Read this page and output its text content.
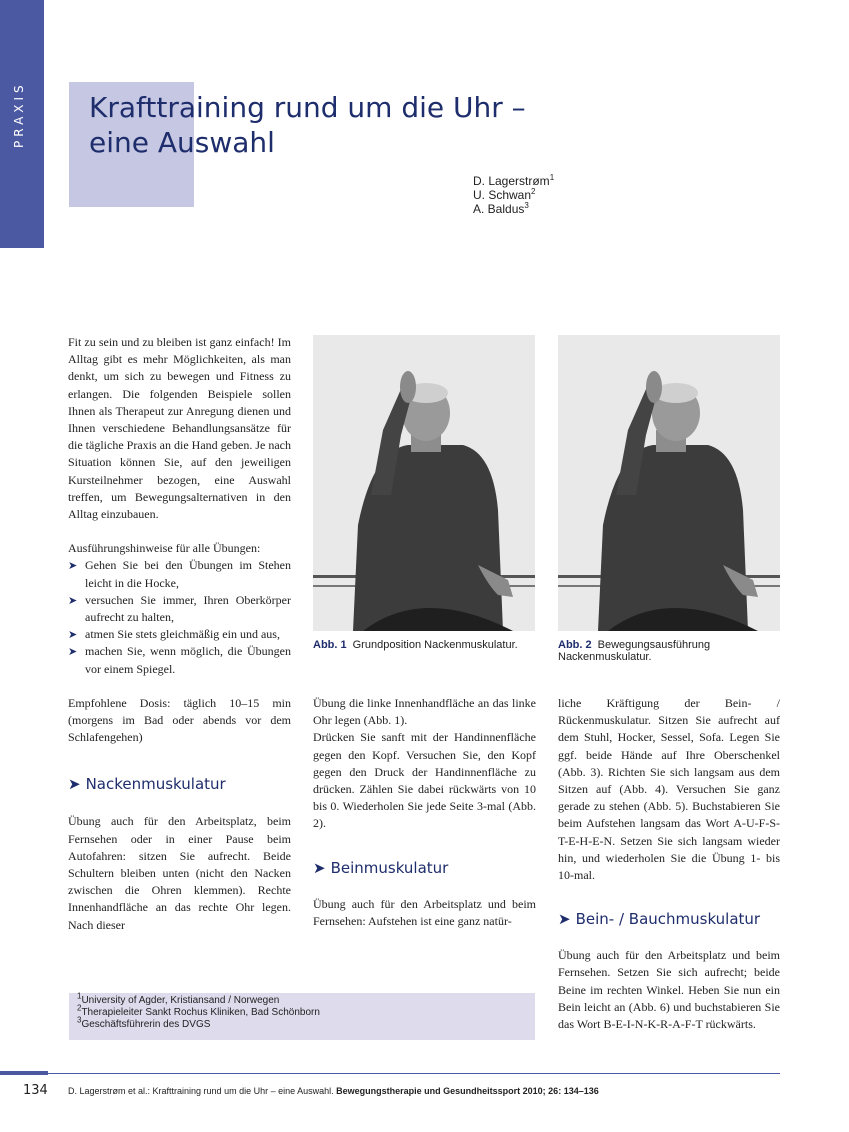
PRAXIS Krafttraining rund um die Uhr –
eine Auswahl
D. Lagerstrøm$^1$
U. Schwan$^2$
A. Baldus$^3$

Fit zu sein und zu bleiben ist ganz einfach! Im Alltag gibt es mehr Möglichkeiten, als man denkt, um sich zu bewegen und Fitness zu erlangen. Die folgenden Beispiele sollen Ihnen als Therapeut zur Anregung dienen und Ihnen verschiedene Behandlungsansätze für die tägliche Praxis an die Hand geben. Je nach Situation können Sie, auf den jeweiligen Kursteilnehmer bezogen, eine Auswahl treffen, um Bewegungsalternativen in den Alltag einzubauen.

Ausführungshinweise für alle Übungen:

➤ Gehen Sie bei den Übungen im Stehen leicht in die Hocke,
➤ versuchen Sie immer, Ihren Oberkörper aufrecht zu halten,
➤ atmen Sie stets gleichmäßig ein und aus,
➤ machen Sie, wenn möglich, die Übungen vor einem Spiegel.

Empfohlene Dosis: täglich 10–15 min (morgens im Bad oder abends vor dem Schlafengehen)

➤ Nackenmuskulatur

Übung auch für den Arbeitsplatz, beim Fernsehen oder in einer Pause beim Autofahren: sitzen Sie aufrecht. Beide Schultern bleiben unten (nicht den Nacken zwischen die Ohren klemmen). Rechte Innenhandfläche an das rechte Ohr legen. Nach dieser

Abb. 1 Grundposition Nackenmuskulatur.	Abb. 2 Bewegungsausführung Nackenmuskulatur.

Übung die linke Innenhandfläche an das linke Ohr legen (Abb. 1).

Drücken Sie sanft mit der Handinnenfläche gegen den Kopf. Versuchen Sie, den Kopf gegen den Druck der Handinnenfläche zu drücken. Zählen Sie dabei rückwärts von 10 bis 0. Wiederholen Sie jede Seite 3-mal (Abb. 2).

➤ Beinmuskulatur

Übung auch für den Arbeitsplatz und beim Fernsehen: Aufstehen ist eine ganz natür-

liche Kräftigung der Bein- / Rückenmuskulatur. Sitzen Sie aufrecht auf dem Stuhl, Hocker, Sessel, Sofa. Legen Sie ggf. beide Hände auf Ihre Oberschenkel (Abb. 3). Richten Sie sich langsam aus dem Sitzen auf (Abb. 4). Versuchen Sie ganz gerade zu stehen (Abb. 5). Buchstabieren Sie beim Aufstehen langsam das Wort A-U-F-S-T-E-H-E-N. Setzen Sie sich langsam wieder hin, und wiederholen Sie die Übung 1- bis 10-mal.

➤ Bein- / Bauchmuskulatur

Übung auch für den Arbeitsplatz und beim Fernsehen. Setzen Sie sich aufrecht; beide Beine im rechten Winkel. Heben Sie nun ein Bein leicht an (Abb. 6) und buchstabieren Sie das Wort B-E-I-N-K-R-A-F-T rückwärts.

$^1$University of Agder, Kristiansand / Norwegen
$^2$Therapieleiter Sankt Rochus Kliniken, Bad Schönborn
$^3$Geschäftsführerin des DVGS
134 D. Lagerstrøm et al.: Krafttraining rund um die Uhr – eine Auswahl. Bewegungstherapie und Gesundheitssport 2010; 26: 134–136
